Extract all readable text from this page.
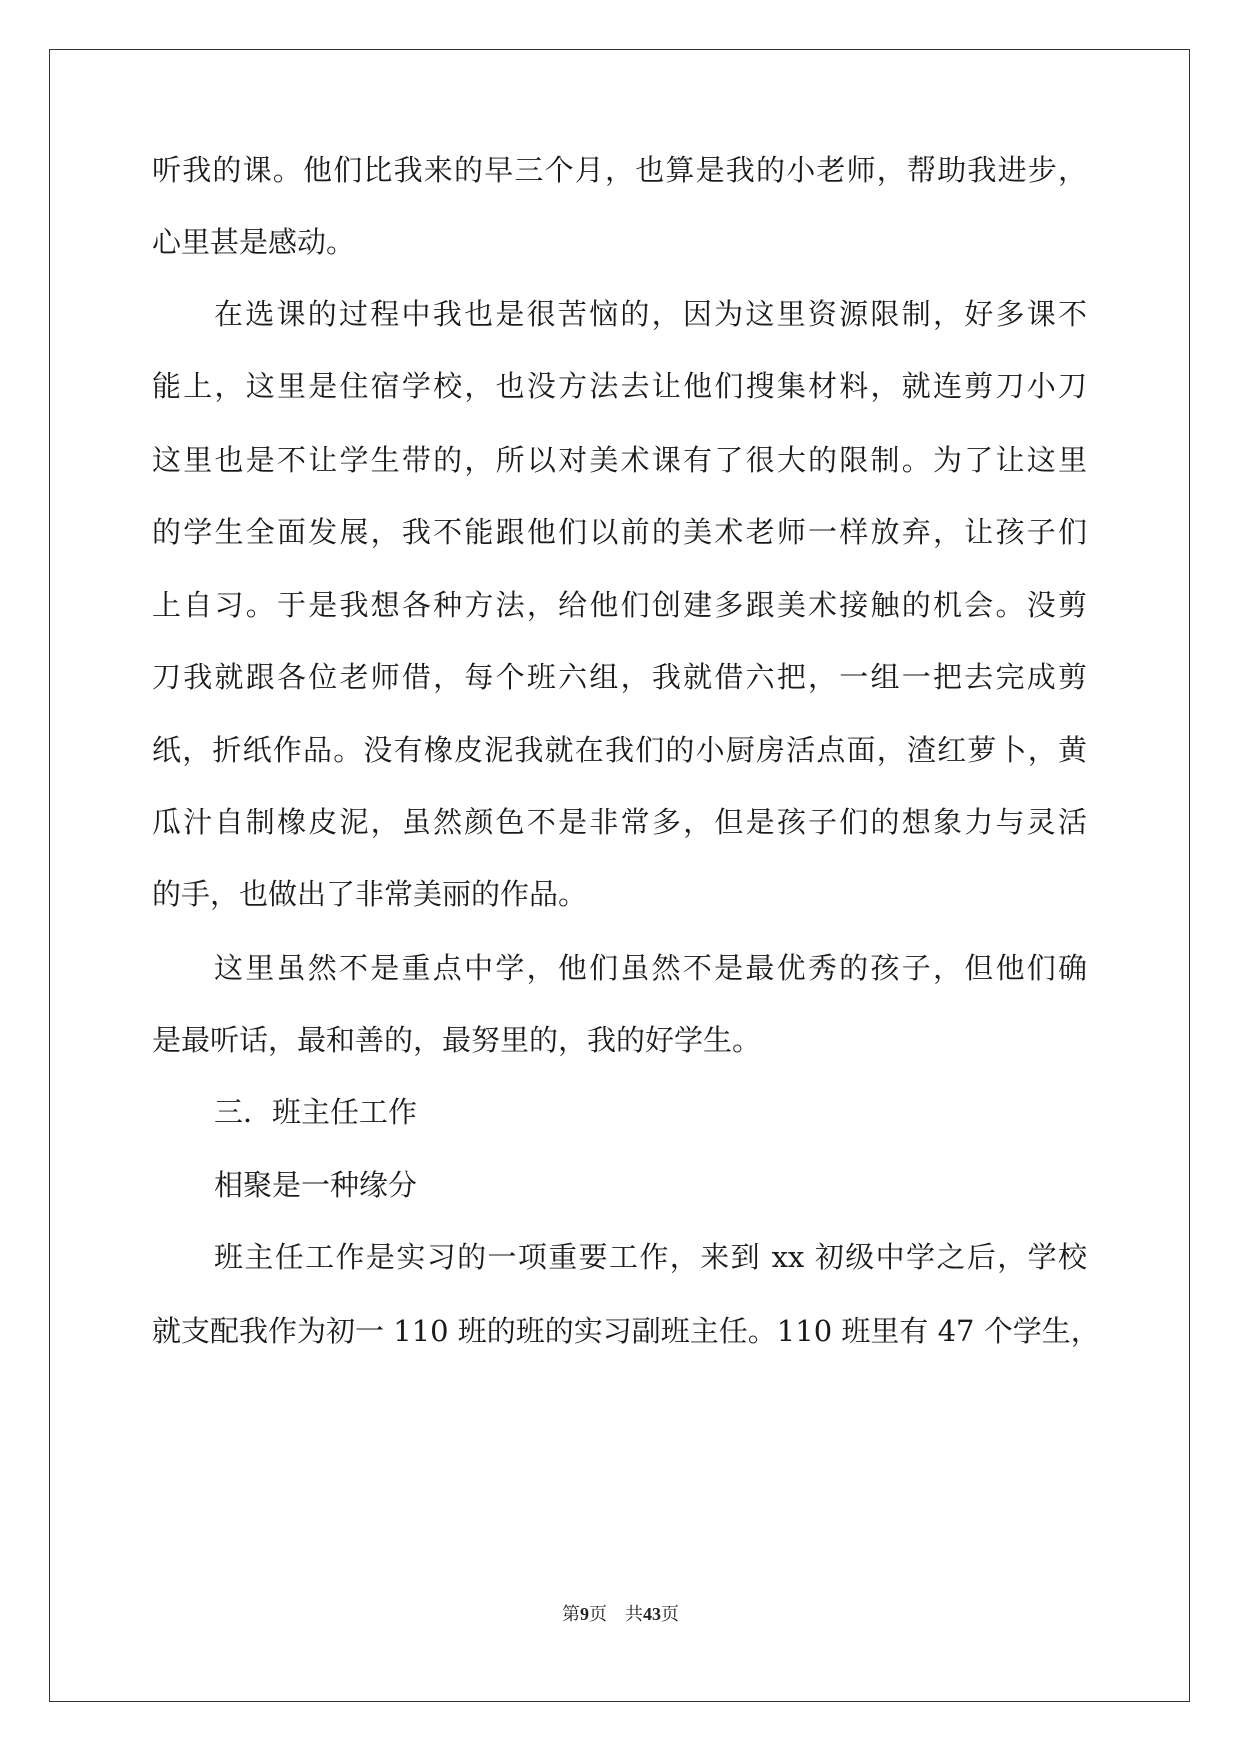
听我的课。他们比我来的早三个月，也算是我的小老师，帮助我进步，
心里甚是感动。
在选课的过程中我也是很苦恼的，因为这里资源限制，好多课不
能上，这里是住宿学校，也没方法去让他们搜集材料，就连剪刀小刀
这里也是不让学生带的，所以对美术课有了很大的限制。为了让这里
的学生全面发展，我不能跟他们以前的美术老师一样放弃，让孩子们
上自习。于是我想各种方法，给他们创建多跟美术接触的机会。没剪
刀我就跟各位老师借，每个班六组，我就借六把，一组一把去完成剪
纸，折纸作品。没有橡皮泥我就在我们的小厨房活点面，渣红萝卜，黄
瓜汁自制橡皮泥，虽然颜色不是非常多，但是孩子们的想象力与灵活
的手，也做出了非常美丽的作品。
这里虽然不是重点中学，他们虽然不是最优秀的孩子，但他们确
是最听话，最和善的，最努里的，我的好学生。
三．班主任工作
相聚是一种缘分
班主任工作是实习的一项重要工作，来到 xx 初级中学之后，学校
就支配我作为初一 110 班的班的实习副班主任。110 班里有 47 个学生，
第9页 共43页
